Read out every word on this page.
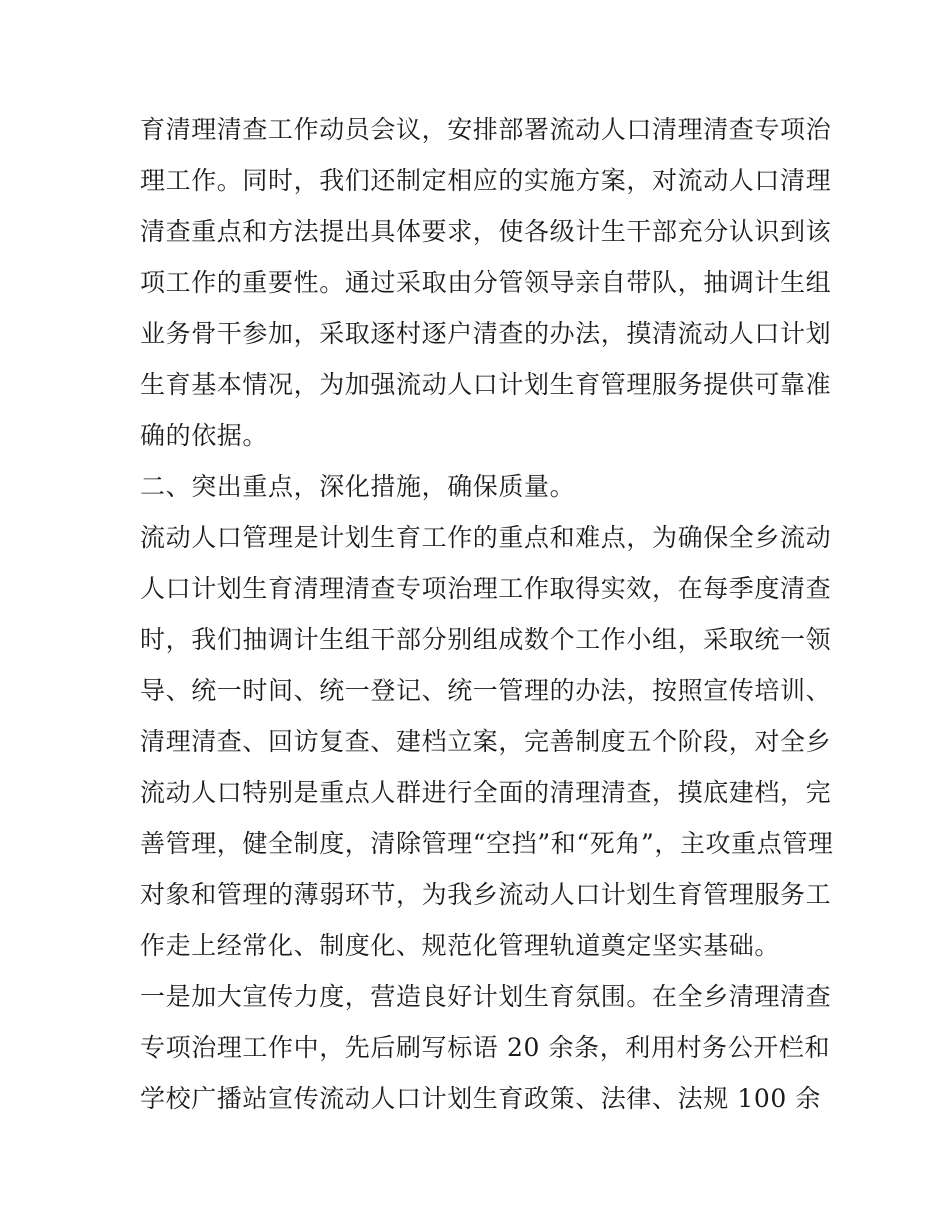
育清理清查工作动员会议，安排部署流动人口清理清查专项治
理工作。同时，我们还制定相应的实施方案，对流动人口清理
清查重点和方法提出具体要求，使各级计生干部充分认识到该
项工作的重要性。通过采取由分管领导亲自带队，抽调计生组
业务骨干参加，采取逐村逐户清查的办法，摸清流动人口计划
生育基本情况，为加强流动人口计划生育管理服务提供可靠准
确的依据。
二、突出重点，深化措施，确保质量。
流动人口管理是计划生育工作的重点和难点，为确保全乡流动
人口计划生育清理清查专项治理工作取得实效，在每季度清查
时，我们抽调计生组干部分别组成数个工作小组，采取统一领
导、统一时间、统一登记、统一管理的办法，按照宣传培训、
清理清查、回访复查、建档立案，完善制度五个阶段，对全乡
流动人口特别是重点人群进行全面的清理清查，摸底建档，完
善管理，健全制度，清除管理“空挡”和“死角”，主攻重点管理
对象和管理的薄弱环节，为我乡流动人口计划生育管理服务工
作走上经常化、制度化、规范化管理轨道奠定坚实基础。
一是加大宣传力度，营造良好计划生育氛围。在全乡清理清查
专项治理工作中，先后刷写标语 20 余条，利用村务公开栏和
学校广播站宣传流动人口计划生育政策、法律、法规 100 余
